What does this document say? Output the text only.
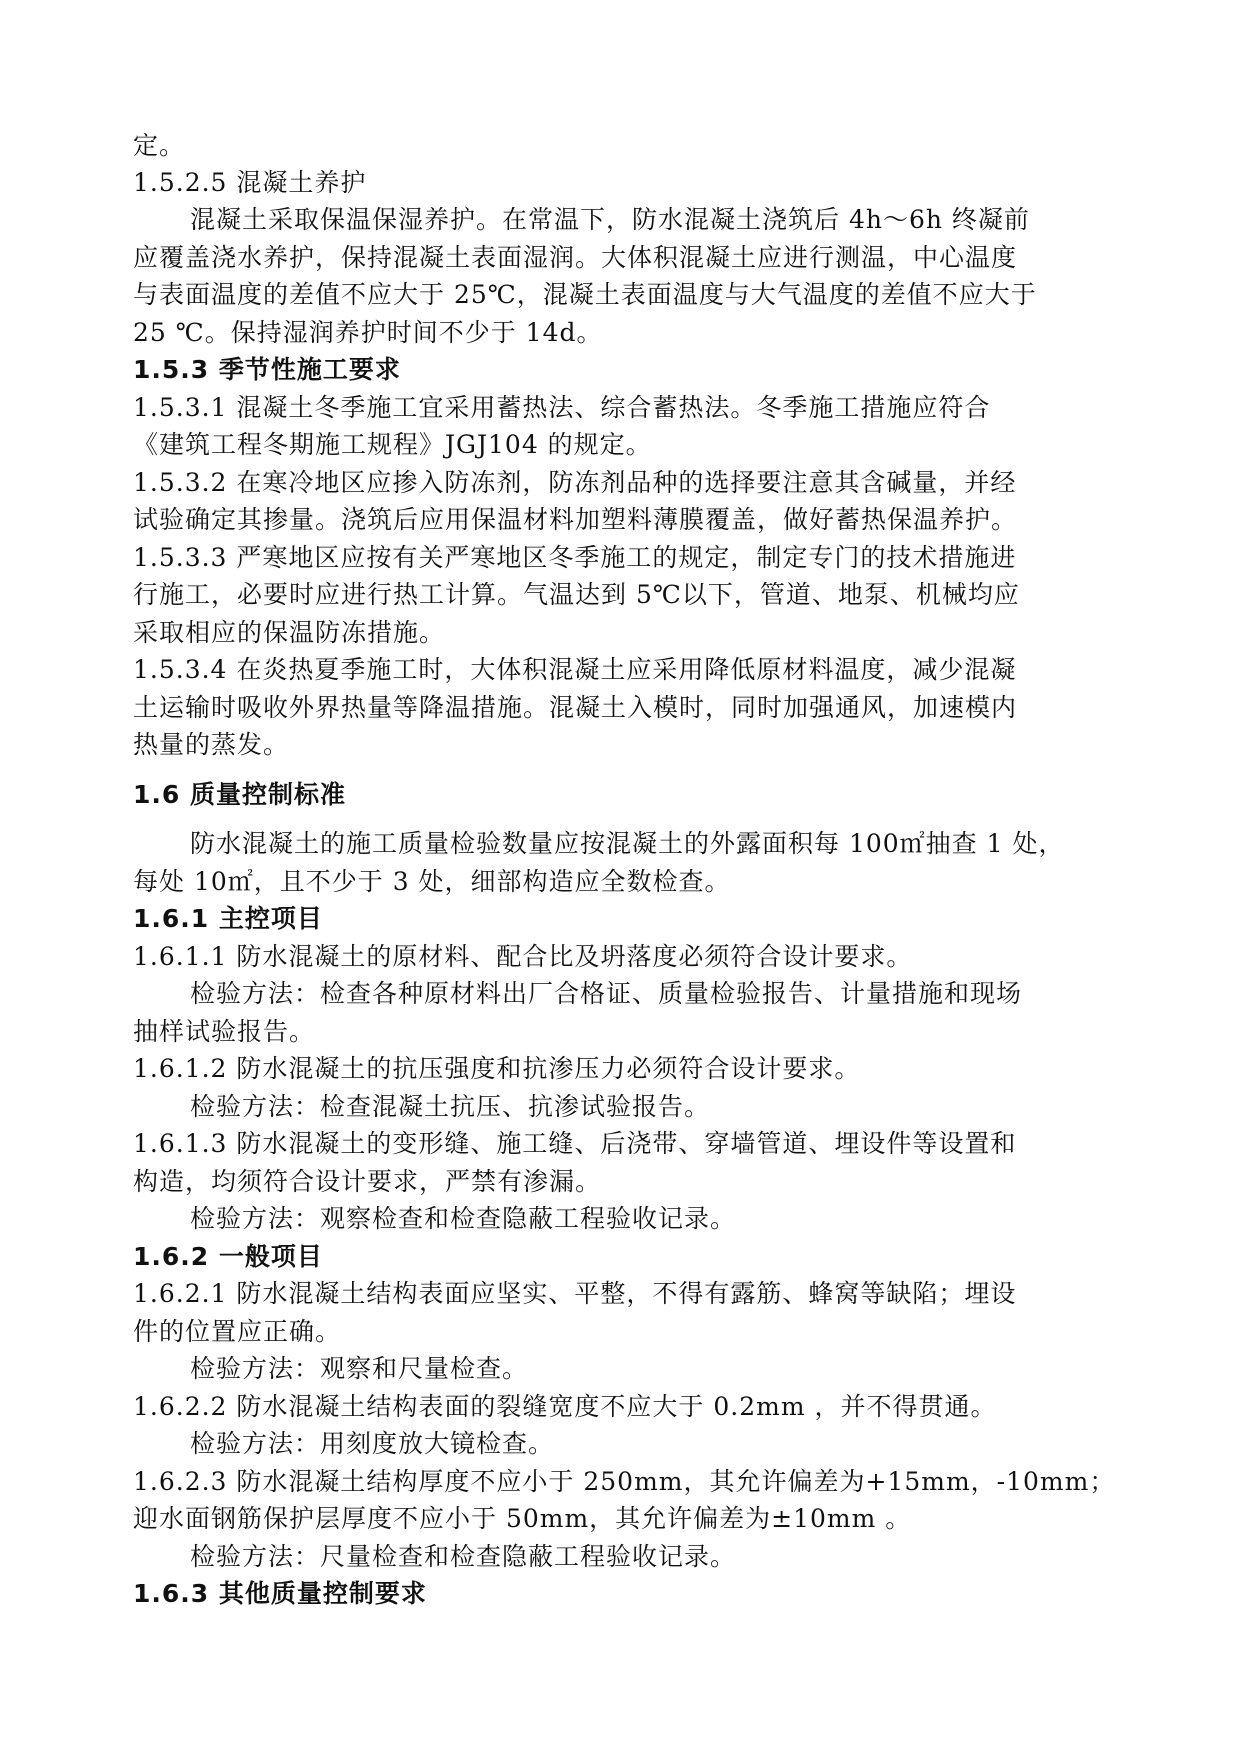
定。
1.5.2.5 混凝土养护
混凝土采取保温保湿养护。在常温下，防水混凝土浇筑后 4h～6h 终凝前
应覆盖浇水养护，保持混凝土表面湿润。大体积混凝土应进行测温，中心温度
与表面温度的差值不应大于 25℃，混凝土表面温度与大气温度的差值不应大于
25 ℃。保持湿润养护时间不少于 14d。
1.5.3 季节性施工要求
1.5.3.1 混凝土冬季施工宜采用蓄热法、综合蓄热法。冬季施工措施应符合
《建筑工程冬期施工规程》JGJ104 的规定。
1.5.3.2 在寒冷地区应掺入防冻剂，防冻剂品种的选择要注意其含碱量，并经
试验确定其掺量。浇筑后应用保温材料加塑料薄膜覆盖，做好蓄热保温养护。
1.5.3.3 严寒地区应按有关严寒地区冬季施工的规定，制定专门的技术措施进
行施工，必要时应进行热工计算。气温达到 5℃以下，管道、地泵、机械均应
采取相应的保温防冻措施。
1.5.3.4 在炎热夏季施工时，大体积混凝土应采用降低原材料温度，减少混凝
土运输时吸收外界热量等降温措施。混凝土入模时，同时加强通风，加速模内
热量的蒸发。
1.6 质量控制标准
防水混凝土的施工质量检验数量应按混凝土的外露面积每 100㎡抽查 1 处，
每处 10㎡，且不少于 3 处，细部构造应全数检查。
1.6.1 主控项目
1.6.1.1 防水混凝土的原材料、配合比及坍落度必须符合设计要求。
检验方法：检查各种原材料出厂合格证、质量检验报告、计量措施和现场
抽样试验报告。
1.6.1.2 防水混凝土的抗压强度和抗渗压力必须符合设计要求。
检验方法：检查混凝土抗压、抗渗试验报告。
1.6.1.3 防水混凝土的变形缝、施工缝、后浇带、穿墙管道、埋设件等设置和
构造，均须符合设计要求，严禁有渗漏。
检验方法：观察检查和检查隐蔽工程验收记录。
1.6.2 一般项目
1.6.2.1 防水混凝土结构表面应坚实、平整，不得有露筋、蜂窝等缺陷；埋设
件的位置应正确。
检验方法：观察和尺量检查。
1.6.2.2 防水混凝土结构表面的裂缝宽度不应大于 0.2mm ，并不得贯通。
检验方法：用刻度放大镜检查。
1.6.2.3 防水混凝土结构厚度不应小于 250mm，其允许偏差为+15mm，-10mm；
迎水面钢筋保护层厚度不应小于 50mm，其允许偏差为±10mm 。
检验方法：尺量检查和检查隐蔽工程验收记录。
1.6.3 其他质量控制要求
